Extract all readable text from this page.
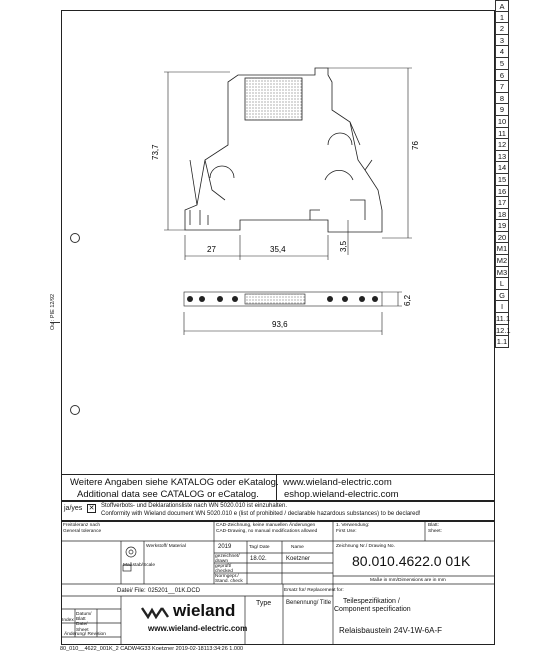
A
1
2
3
4
5
6
7
8
9
10
11
12
13
14
15
16
17
18
19
20
M1
M2
M3
L
G
I
11.1
12.1
1.1
Ou : PIE 12/92
73,7	76
27	35,4	3,5
6,2
93,6
Weitere Angaben siehe KATALOG oder eKatalog.
Additional data see CATALOG or eCatalog.
www.wieland-electric.com
eshop.wieland-electric.com
ja/yes ✕ Stoffverbots- und Deklarationsliste nach WN 5020.010 ist einzuhalten.
Conformity with Wieland document WN 5020.010 e (list of prohibited / declarable hazardous substances) to be declared!
Freitoleranz nach
General tolerance
CAD-Zeichnung, keine manuellen Änderungen
CAD-Drawing, no manual modifications allowed
1. Verwendung:
First Use:
Blatt:
Sheet:
Werkstoff/ Material
Maßstab/Scale
2019	Tag/ Date	Name
gezeichnet/ drawn	18.02.	Koetzner
geprüft/ checked
Normgepr./ Stand. check
Zeichnung Nr./ Drawing No.
80.010.4622.0 01K
Maße in mm/Dimensions are in mm
Datei/ File: 025201__01K.DCD	Ersatz für/ Replacement for:
Index
Datum/ Blatt Date/ Sheet
Änderung/ Revision
wieland
www.wieland-electric.com
Type Benennung/ Title Teilespezifikation /
Component specification
Relaisbaustein 24V-1W-6A-F
80_010__4622_001K_2 CADW4G33 Koetzner 2019-02-18113:34:26 1.000
